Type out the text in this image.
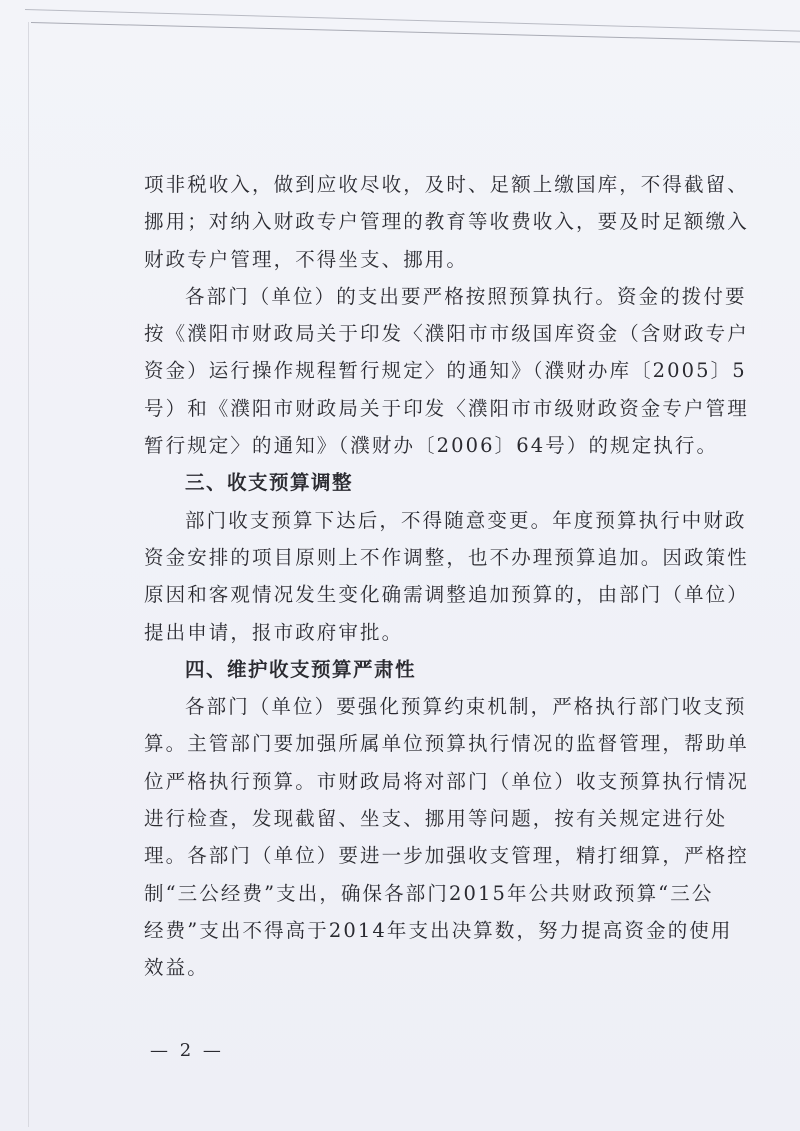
项非税收入，做到应收尽收，及时、足额上缴国库，不得截留、
挪用；对纳入财政专户管理的教育等收费收入，要及时足额缴入
财政专户管理，不得坐支、挪用。
各部门（单位）的支出要严格按照预算执行。资金的拨付要
按《濮阳市财政局关于印发〈濮阳市市级国库资金（含财政专户
资金）运行操作规程暂行规定〉的通知》（濮财办库〔2005〕5
号）和《濮阳市财政局关于印发〈濮阳市市级财政资金专户管理
暂行规定〉的通知》（濮财办〔2006〕64号）的规定执行。
三、收支预算调整
部门收支预算下达后，不得随意变更。年度预算执行中财政
资金安排的项目原则上不作调整，也不办理预算追加。因政策性
原因和客观情况发生变化确需调整追加预算的，由部门（单位）
提出申请，报市政府审批。
四、维护收支预算严肃性
各部门（单位）要强化预算约束机制，严格执行部门收支预
算。主管部门要加强所属单位预算执行情况的监督管理，帮助单
位严格执行预算。市财政局将对部门（单位）收支预算执行情况
进行检查，发现截留、坐支、挪用等问题，按有关规定进行处
理。各部门（单位）要进一步加强收支管理，精打细算，严格控
制“三公经费”支出，确保各部门2015年公共财政预算“三公
经费”支出不得高于2014年支出决算数，努力提高资金的使用
效益。
— 2 —
